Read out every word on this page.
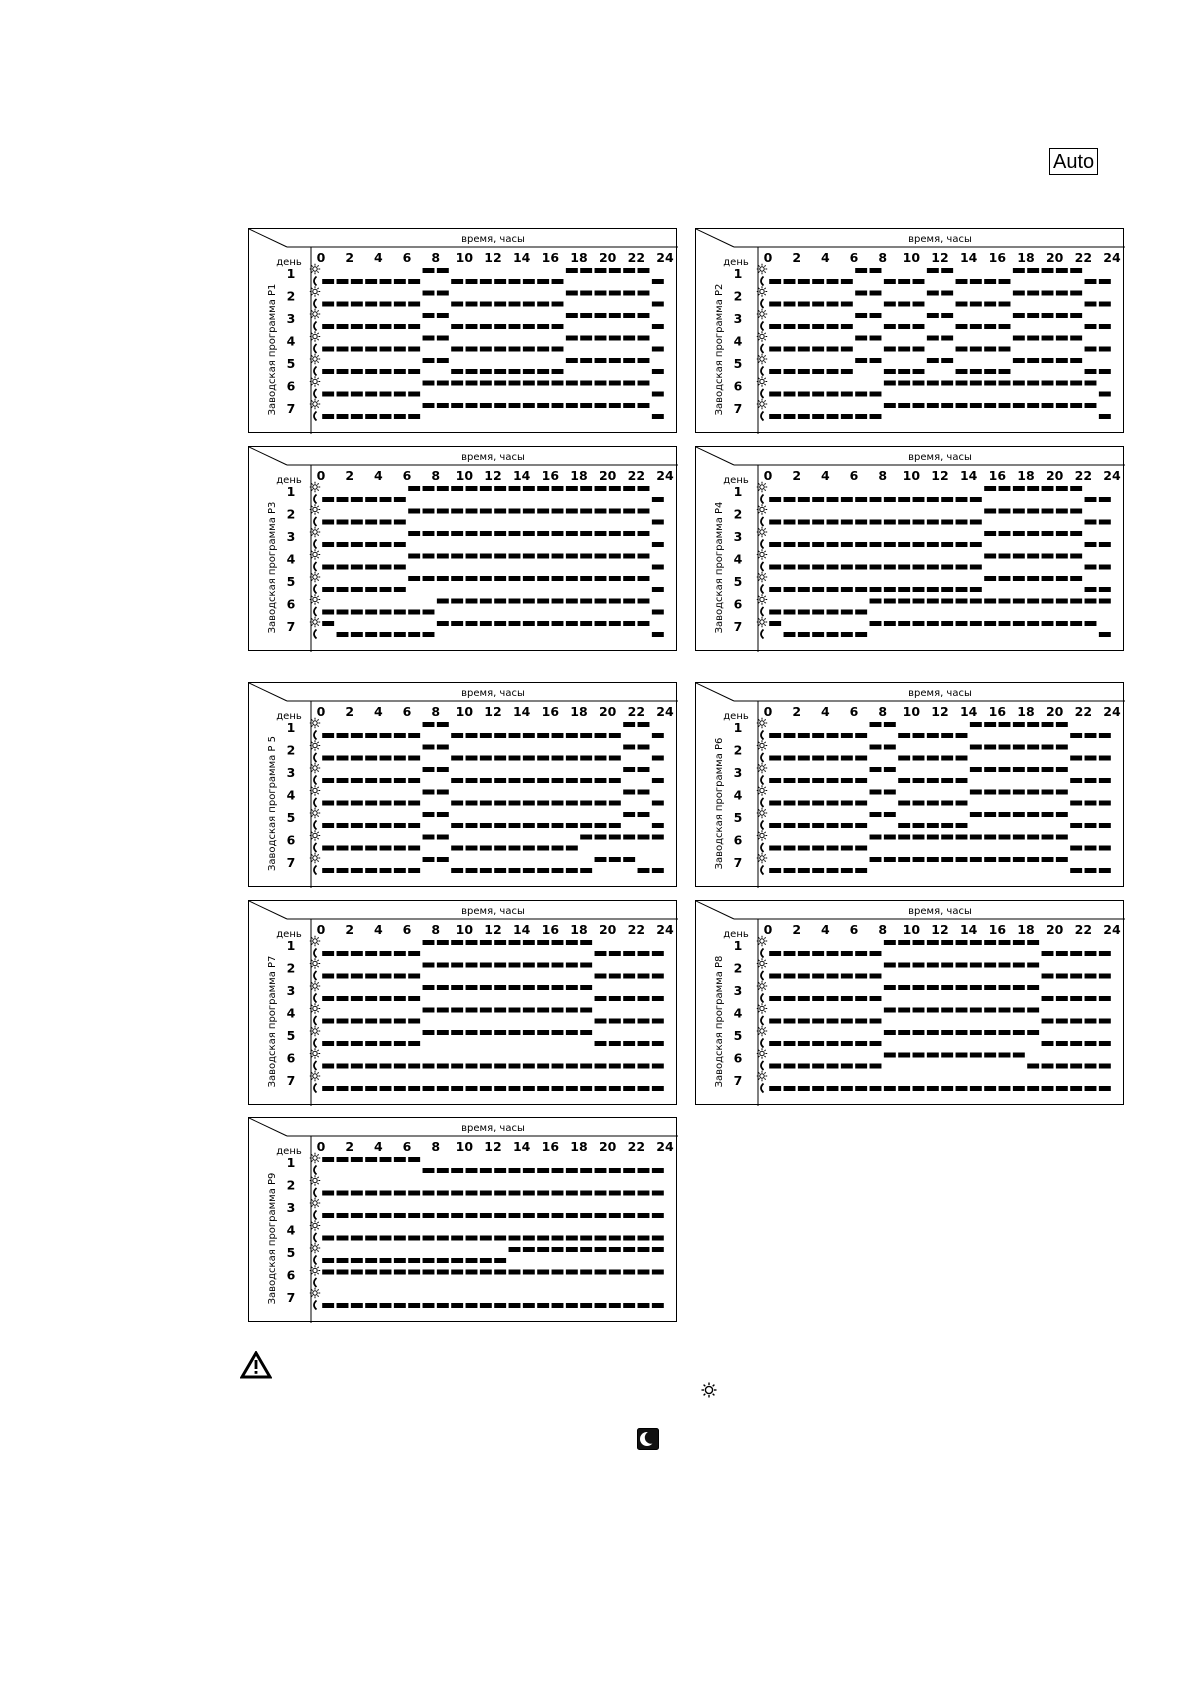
Auto
время, часы
день 0 2 4 6 8 10 12 14 16 18 20 22 24
Заводская программа P1
1
2
3
4
5
6
7
время, часы
день 0 2 4 6 8 10 12 14 16 18 20 22 24
Заводская программа P2
1
2
3
4
5
6
7
время, часы
день 0 2 4 6 8 10 12 14 16 18 20 22 24
Заводская программа P3
1
2
3
4
5
6
7
время, часы
день 0 2 4 6 8 10 12 14 16 18 20 22 24
Заводская программа P4
1
2
3
4
5
6
7
время, часы
день 0 2 4 6 8 10 12 14 16 18 20 22 24
Заводская программа P 5
1
2
3
4
5
6
7
время, часы
день 0 2 4 6 8 10 12 14 16 18 20 22 24
Заводская программа P6
1
2
3
4
5
6
7
время, часы
день 0 2 4 6 8 10 12 14 16 18 20 22 24
Заводская программа P7
1
2
3
4
5
6
7
время, часы
день 0 2 4 6 8 10 12 14 16 18 20 22 24
Заводская программа P8
1
2
3
4
5
6
7
время, часы
день 0 2 4 6 8 10 12 14 16 18 20 22 24
Заводская программа P9
1
2
3
4
5
6
7
